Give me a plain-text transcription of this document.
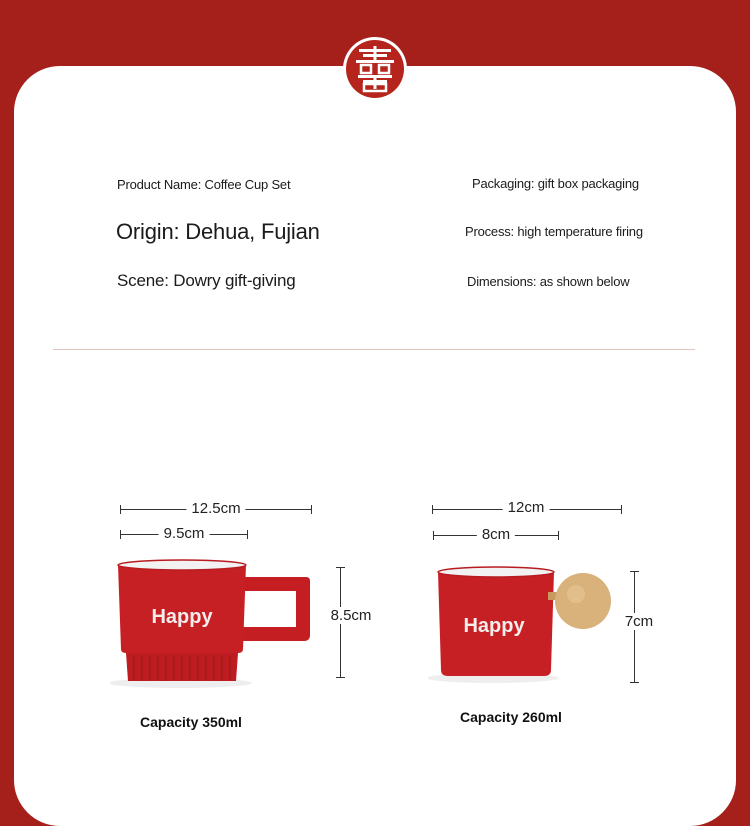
Product Name: Coffee Cup Set
Origin: Dehua, Fujian
Scene: Dowry gift-giving
Packaging: gift box packaging
Process: high temperature firing
Dimensions: as shown below
12.5cm
9.5cm
8.5cm
Happy
Capacity 350ml
12cm
8cm
7cm
Happy
Capacity 260ml
